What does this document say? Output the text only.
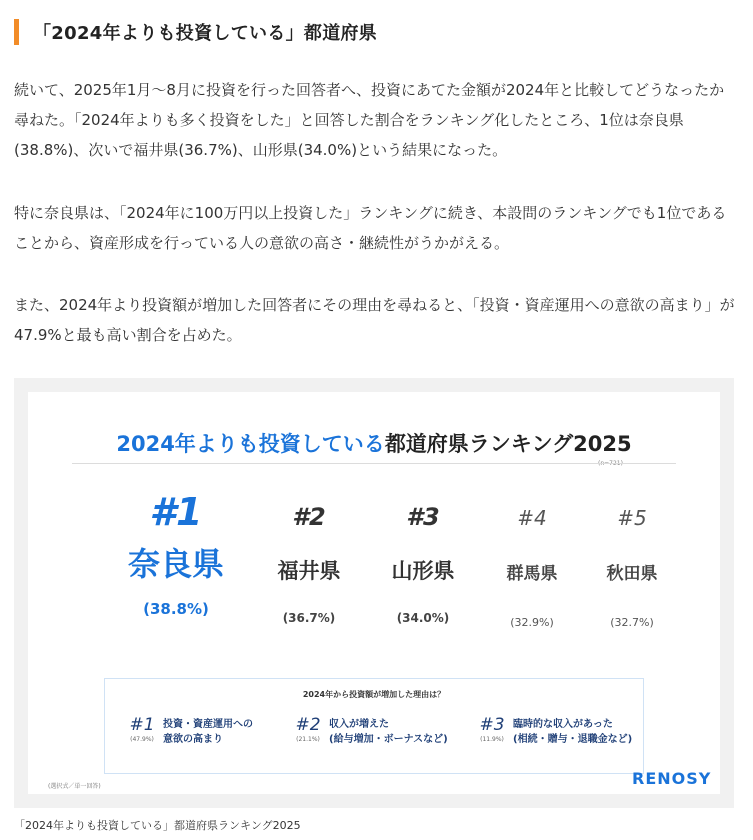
「2024年よりも投資している」都道府県

続いて、2025年1月〜8月に投資を行った回答者へ、投資にあてた金額が2024年と比較してどうなったか尋ねた。「2024年よりも多く投資をした」と回答した割合をランキング化したところ、1位は奈良県(38.8%)、次いで福井県(36.7%)、山形県(34.0%)という結果になった。

特に奈良県は、「2024年に100万円以上投資した」ランキングに続き、本設問のランキングでも1位であることから、資産形成を行っている人の意欲の高さ・継続性がうかがえる。

また、2024年より投資額が増加した回答者にその理由を尋ねると、「投資・資産運用への意欲の高まり」が47.9%と最も高い割合を占めた。

2024年よりも投資している都道府県ランキング2025
#1
奈良県
(38.8%)
#2
福井県
(36.7%)
#3
山形県
(34.0%)
#4
群馬県
(32.9%)
#5
秋田県
(32.7%)
2024年から投資額が増加した理由は？
#1
(47.9%)
投資・資産運用への
意欲の高まり
#2
(21.1%)
収入が増えた
(給与増加・ボーナスなど)
#3
(11.9%)
臨時的な収入があった
(相続・贈与・退職金など)
(選択式／単一回答)	RENOSY
「2024年よりも投資している」都道府県ランキング2025
